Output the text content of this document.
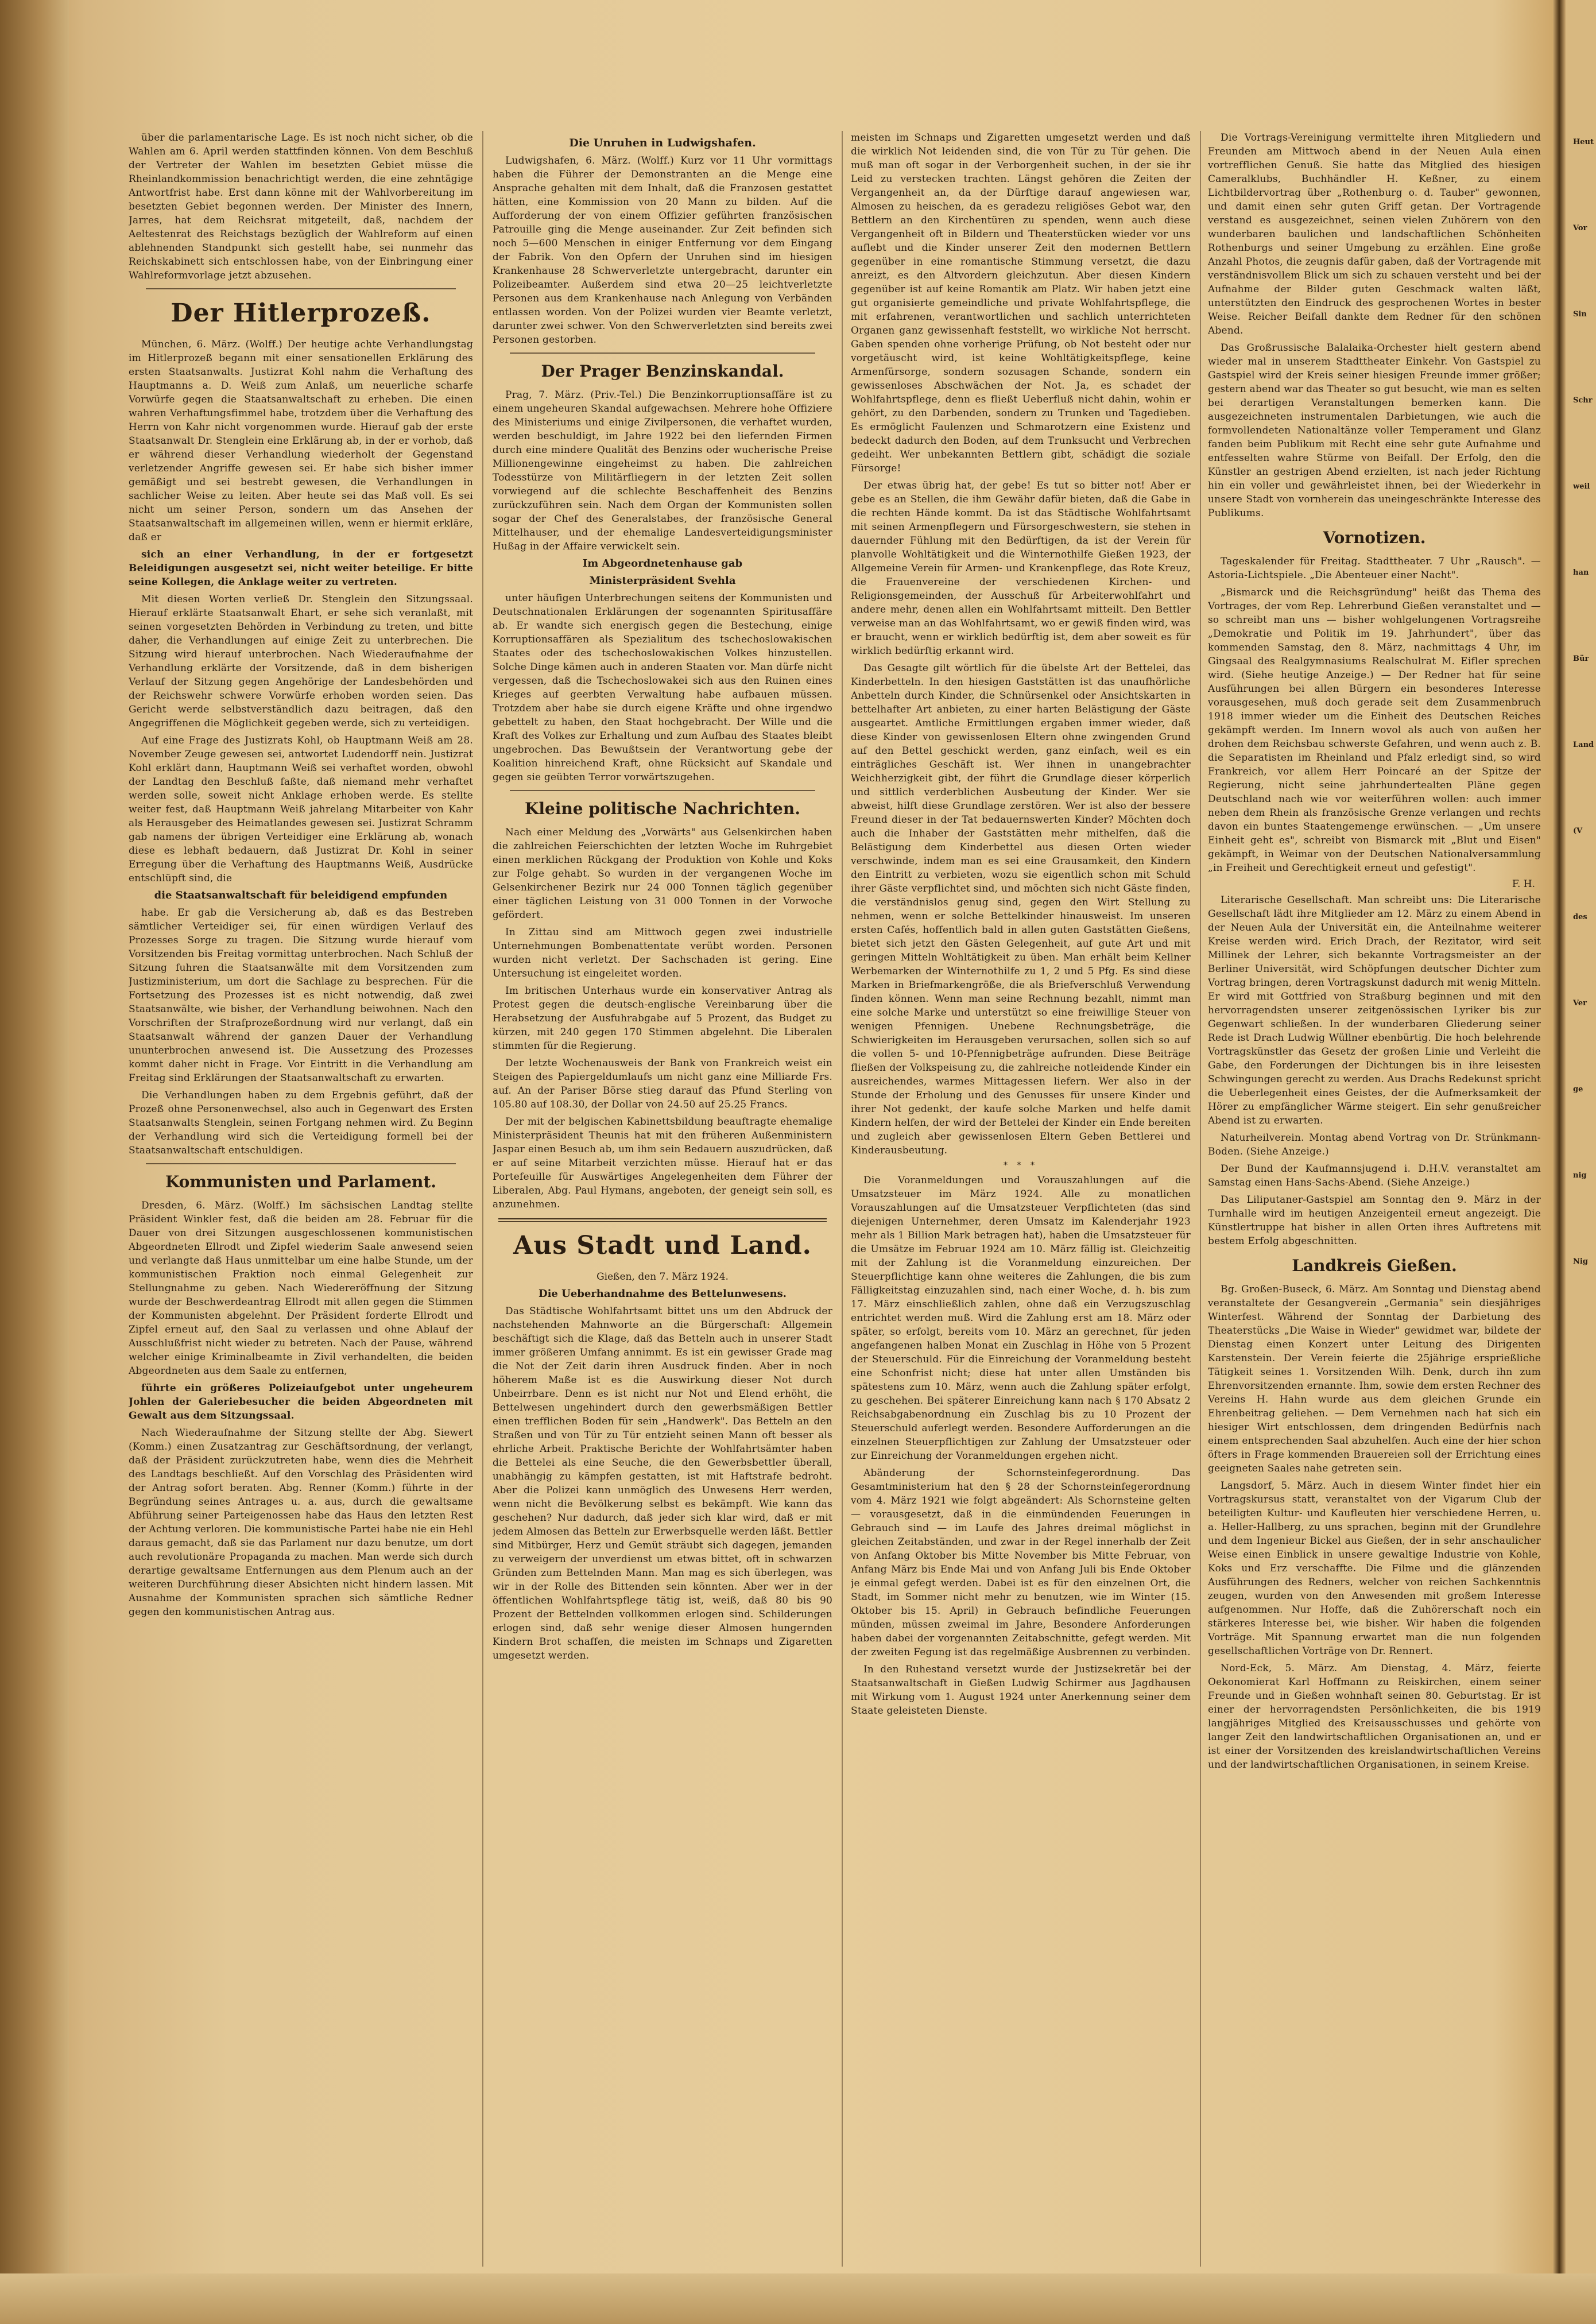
über die parlamentarische Lage. Es ist noch nicht sicher, ob die Wahlen am 6. April werden stattfinden können. Von dem Beschluß der Vertreter der Wahlen im besetzten Gebiet müsse die Rheinlandkommission benachrichtigt werden, die eine zehntägige Antwortfrist habe. Erst dann könne mit der Wahlvorbereitung im besetzten Gebiet begonnen werden. Der Minister des Innern, Jarres, hat dem Reichsrat mitgeteilt, daß, nachdem der Aeltestenrat des Reichstags bezüglich der Wahlreform auf einen ablehnenden Standpunkt sich gestellt habe, sei nunmehr das Reichskabinett sich entschlossen habe, von der Einbringung einer Wahlreformvorlage jetzt abzusehen.

Der Hitlerprozeß.

München, 6. März. (Wolff.) Der heutige achte Verhandlungstag im Hitlerprozeß begann mit einer sensationellen Erklärung des ersten Staatsanwalts. Justizrat Kohl nahm die Verhaftung des Hauptmanns a. D. Weiß zum Anlaß, um neuerliche scharfe Vorwürfe gegen die Staatsanwaltschaft zu erheben. Die einen wahren Verhaftungsfimmel habe, trotzdem über die Verhaftung des Herrn von Kahr nicht vorgenommen wurde. Hierauf gab der erste Staatsanwalt Dr. Stenglein eine Erklärung ab, in der er vorhob, daß er während dieser Verhandlung wiederholt der Gegenstand verletzender Angriffe gewesen sei. Er habe sich bisher immer gemäßigt und sei bestrebt gewesen, die Verhandlungen in sachlicher Weise zu leiten. Aber heute sei das Maß voll. Es sei nicht um seiner Person, sondern um das Ansehen der Staatsanwaltschaft im allgemeinen willen, wenn er hiermit erkläre, daß er

sich an einer Verhandlung, in der er fortgesetzt Beleidigungen ausgesetzt sei, nicht weiter beteilige. Er bitte seine Kollegen, die Anklage weiter zu vertreten.

Mit diesen Worten verließ Dr. Stenglein den Sitzungssaal. Hierauf erklärte Staatsanwalt Ehart, er sehe sich veranlaßt, mit seinen vorgesetzten Behörden in Verbindung zu treten, und bitte daher, die Verhandlungen auf einige Zeit zu unterbrechen. Die Sitzung wird hierauf unterbrochen. Nach Wiederaufnahme der Verhandlung erklärte der Vorsitzende, daß in dem bisherigen Verlauf der Sitzung gegen Angehörige der Landesbehörden und der Reichswehr schwere Vorwürfe erhoben worden seien. Das Gericht werde selbstverständlich dazu beitragen, daß den Angegriffenen die Möglichkeit gegeben werde, sich zu verteidigen.

Auf eine Frage des Justizrats Kohl, ob Hauptmann Weiß am 28. November Zeuge gewesen sei, antwortet Ludendorff nein. Justizrat Kohl erklärt dann, Hauptmann Weiß sei verhaftet worden, obwohl der Landtag den Beschluß faßte, daß niemand mehr verhaftet werden solle, soweit nicht Anklage erhoben werde. Es stellte weiter fest, daß Hauptmann Weiß jahrelang Mitarbeiter von Kahr als Herausgeber des Heimatlandes gewesen sei. Justizrat Schramm gab namens der übrigen Verteidiger eine Erklärung ab, wonach diese es lebhaft bedauern, daß Justizrat Dr. Kohl in seiner Erregung über die Verhaftung des Hauptmanns Weiß, Ausdrücke entschlüpft sind, die

die Staatsanwaltschaft für beleidigend empfunden

habe. Er gab die Versicherung ab, daß es das Bestreben sämtlicher Verteidiger sei, für einen würdigen Verlauf des Prozesses Sorge zu tragen. Die Sitzung wurde hierauf vom Vorsitzenden bis Freitag vormittag unterbrochen. Nach Schluß der Sitzung fuhren die Staatsanwälte mit dem Vorsitzenden zum Justizministerium, um dort die Sachlage zu besprechen. Für die Fortsetzung des Prozesses ist es nicht notwendig, daß zwei Staatsanwälte, wie bisher, der Verhandlung beiwohnen. Nach den Vorschriften der Strafprozeßordnung wird nur verlangt, daß ein Staatsanwalt während der ganzen Dauer der Verhandlung ununterbrochen anwesend ist. Die Aussetzung des Prozesses kommt daher nicht in Frage. Vor Eintritt in die Verhandlung am Freitag sind Erklärungen der Staatsanwaltschaft zu erwarten.

Die Verhandlungen haben zu dem Ergebnis geführt, daß der Prozeß ohne Personenwechsel, also auch in Gegenwart des Ersten Staatsanwalts Stenglein, seinen Fortgang nehmen wird. Zu Beginn der Verhandlung wird sich die Verteidigung formell bei der Staatsanwaltschaft entschuldigen.

Kommunisten und Parlament.

Dresden, 6. März. (Wolff.) Im sächsischen Landtag stellte Präsident Winkler fest, daß die beiden am 28. Februar für die Dauer von drei Sitzungen ausgeschlossenen kommunistischen Abgeordneten Ellrodt und Zipfel wiederim Saale anwesend seien und verlangte daß Haus unmittelbar um eine halbe Stunde, um der kommunistischen Fraktion noch einmal Gelegenheit zur Stellungnahme zu geben. Nach Wiedereröffnung der Sitzung wurde der Beschwerdeantrag Ellrodt mit allen gegen die Stimmen der Kommunisten abgelehnt. Der Präsident forderte Ellrodt und Zipfel erneut auf, den Saal zu verlassen und ohne Ablauf der Ausschlußfrist nicht wieder zu betreten. Nach der Pause, während welcher einige Kriminalbeamte in Zivil verhandelten, die beiden Abgeordneten aus dem Saale zu entfernen,

führte ein größeres Polizeiaufgebot unter ungeheurem Johlen der Galeriebesucher die beiden Abgeordneten mit Gewalt aus dem Sitzungssaal.

Nach Wiederaufnahme der Sitzung stellte der Abg. Siewert (Komm.) einen Zusatzantrag zur Geschäftsordnung, der verlangt, daß der Präsident zurückzutreten habe, wenn dies die Mehrheit des Landtags beschließt. Auf den Vorschlag des Präsidenten wird der Antrag sofort beraten. Abg. Renner (Komm.) führte in der Begründung seines Antrages u. a. aus, durch die gewaltsame Abführung seiner Parteigenossen habe das Haus den letzten Rest der Achtung verloren. Die kommunistische Partei habe nie ein Hehl daraus gemacht, daß sie das Parlament nur dazu benutze, um dort auch revolutionäre Propaganda zu machen. Man werde sich durch derartige gewaltsame Entfernungen aus dem Plenum auch an der weiteren Durchführung dieser Absichten nicht hindern lassen. Mit Ausnahme der Kommunisten sprachen sich sämtliche Redner gegen den kommunistischen Antrag aus.

Die Unruhen in Ludwigshafen.

Ludwigshafen, 6. März. (Wolff.) Kurz vor 11 Uhr vormittags haben die Führer der Demonstranten an die Menge eine Ansprache gehalten mit dem Inhalt, daß die Franzosen gestattet hätten, eine Kommission von 20 Mann zu bilden. Auf die Aufforderung der von einem Offizier geführten französischen Patrouille ging die Menge auseinander. Zur Zeit befinden sich noch 5—600 Menschen in einiger Entfernung vor dem Eingang der Fabrik. Von den Opfern der Unruhen sind im hiesigen Krankenhause 28 Schwerverletzte untergebracht, darunter ein Polizeibeamter. Außerdem sind etwa 20—25 leichtverletzte Personen aus dem Krankenhause nach Anlegung von Verbänden entlassen worden. Von der Polizei wurden vier Beamte verletzt, darunter zwei schwer. Von den Schwerverletzten sind bereits zwei Personen gestorben.

Der Prager Benzinskandal.

Prag, 7. März. (Priv.-Tel.) Die Benzinkorruptionsaffäre ist zu einem ungeheuren Skandal aufgewachsen. Mehrere hohe Offiziere des Ministeriums und einige Zivilpersonen, die verhaftet wurden, werden beschuldigt, im Jahre 1922 bei den liefernden Firmen durch eine mindere Qualität des Benzins oder wucherische Preise Millionengewinne eingeheimst zu haben. Die zahlreichen Todesstürze von Militärfliegern in der letzten Zeit sollen vorwiegend auf die schlechte Beschaffenheit des Benzins zurückzuführen sein. Nach dem Organ der Kommunisten sollen sogar der Chef des Generalstabes, der französische General Mittelhauser, und der ehemalige Landesverteidigungsminister Hußag in der Affaire verwickelt sein.

Im Abgeordnetenhause gab
Ministerpräsident Svehla

unter häufigen Unterbrechungen seitens der Kommunisten und Deutschnationalen Erklärungen der sogenannten Spiritusaffäre ab. Er wandte sich energisch gegen die Bestechung, einige Korruptionsaffären als Spezialitum des tschechoslowakischen Staates oder des tschechoslowakischen Volkes hinzustellen. Solche Dinge kämen auch in anderen Staaten vor. Man dürfe nicht vergessen, daß die Tschechoslowakei sich aus den Ruinen eines Krieges auf geerbten Verwaltung habe aufbauen müssen. Trotzdem aber habe sie durch eigene Kräfte und ohne irgendwo gebettelt zu haben, den Staat hochgebracht. Der Wille und die Kraft des Volkes zur Erhaltung und zum Aufbau des Staates bleibt ungebrochen. Das Bewußtsein der Verantwortung gebe der Koalition hinreichend Kraft, ohne Rücksicht auf Skandale und gegen sie geübten Terror vorwärtszugehen.

Kleine politische Nachrichten.

Nach einer Meldung des „Vorwärts" aus Gelsenkirchen haben die zahlreichen Feierschichten der letzten Woche im Ruhrgebiet einen merklichen Rückgang der Produktion von Kohle und Koks zur Folge gehabt. So wurden in der vergangenen Woche im Gelsenkirchener Bezirk nur 24 000 Tonnen täglich gegenüber einer täglichen Leistung von 31 000 Tonnen in der Vorwoche gefördert.

In Zittau sind am Mittwoch gegen zwei industrielle Unternehmungen Bombenattentate verübt worden. Personen wurden nicht verletzt. Der Sachschaden ist gering. Eine Untersuchung ist eingeleitet worden.

Im britischen Unterhaus wurde ein konservativer Antrag als Protest gegen die deutsch-englische Vereinbarung über die Herabsetzung der Ausfuhrabgabe auf 5 Prozent, das Budget zu kürzen, mit 240 gegen 170 Stimmen abgelehnt. Die Liberalen stimmten für die Regierung.

Der letzte Wochenausweis der Bank von Frankreich weist ein Steigen des Papiergeldumlaufs um nicht ganz eine Milliarde Frs. auf. An der Pariser Börse stieg darauf das Pfund Sterling von 105.80 auf 108.30, der Dollar von 24.50 auf 25.25 Francs.

Der mit der belgischen Kabinettsbildung beauftragte ehemalige Ministerpräsident Theunis hat mit den früheren Außenministern Jaspar einen Besuch ab, um ihm sein Bedauern auszudrücken, daß er auf seine Mitarbeit verzichten müsse. Hierauf hat er das Portefeuille für Auswärtiges Angelegenheiten dem Führer der Liberalen, Abg. Paul Hymans, angeboten, der geneigt sein soll, es anzunehmen.

Aus Stadt und Land.
Gießen, den 7. März 1924.
Die Ueberhandnahme des Bettelunwesens.

Das Städtische Wohlfahrtsamt bittet uns um den Abdruck der nachstehenden Mahnworte an die Bürgerschaft: Allgemein beschäftigt sich die Klage, daß das Betteln auch in unserer Stadt immer größeren Umfang annimmt. Es ist ein gewisser Grade mag die Not der Zeit darin ihren Ausdruck finden. Aber in noch höherem Maße ist es die Auswirkung dieser Not durch Unbeirrbare. Denn es ist nicht nur Not und Elend erhöht, die Bettelwesen ungehindert durch den gewerbsmäßigen Bettler einen trefflichen Boden für sein „Handwerk". Das Betteln an den Straßen und von Tür zu Tür entzieht seinen Mann oft besser als ehrliche Arbeit. Praktische Berichte der Wohlfahrtsämter haben die Bettelei als eine Seuche, die den Gewerbsbettler überall, unabhängig zu kämpfen gestatten, ist mit Haftstrafe bedroht. Aber die Polizei kann unmöglich des Unwesens Herr werden, wenn nicht die Bevölkerung selbst es bekämpft. Wie kann das geschehen? Nur dadurch, daß jeder sich klar wird, daß er mit jedem Almosen das Betteln zur Erwerbsquelle werden läßt. Bettler sind Mitbürger, Herz und Gemüt sträubt sich dagegen, jemanden zu verweigern der unverdienst um etwas bittet, oft in schwarzen Gründen zum Bettelnden Mann. Man mag es sich überlegen, was wir in der Rolle des Bittenden sein könnten. Aber wer in der öffentlichen Wohlfahrtspflege tätig ist, weiß, daß 80 bis 90 Prozent der Bettelnden vollkommen erlogen sind. Schilderungen erlogen sind, daß sehr wenige dieser Almosen hungernden Kindern Brot schaffen, die meisten im Schnaps und Zigaretten umgesetzt werden.

meisten im Schnaps und Zigaretten umgesetzt werden und daß die wirklich Not leidenden sind, die von Tür zu Tür gehen. Die muß man oft sogar in der Verborgenheit suchen, in der sie ihr Leid zu verstecken trachten. Längst gehören die Zeiten der Vergangenheit an, da der Dürftige darauf angewiesen war, Almosen zu heischen, da es geradezu religiöses Gebot war, den Bettlern an den Kirchentüren zu spenden, wenn auch diese Vergangenheit oft in Bildern und Theaterstücken wieder vor uns auflebt und die Kinder unserer Zeit den modernen Bettlern gegenüber in eine romantische Stimmung versetzt, die dazu anreizt, es den Altvordern gleichzutun. Aber diesen Kindern gegenüber ist auf keine Romantik am Platz. Wir haben jetzt eine gut organisierte gemeindliche und private Wohlfahrtspflege, die mit erfahrenen, verantwortlichen und sachlich unterrichteten Organen ganz gewissenhaft feststellt, wo wirkliche Not herrscht. Gaben spenden ohne vorherige Prüfung, ob Not besteht oder nur vorgetäuscht wird, ist keine Wohltätigkeitspflege, keine Armenfürsorge, sondern sozusagen Schande, sondern ein gewissenloses Abschwächen der Not. Ja, es schadet der Wohlfahrtspflege, denn es fließt Ueberfluß nicht dahin, wohin er gehört, zu den Darbenden, sondern zu Trunken und Tagedieben. Es ermöglicht Faulenzen und Schmarotzern eine Existenz und bedeckt dadurch den Boden, auf dem Trunksucht und Verbrechen gedeiht. Wer unbekannten Bettlern gibt, schädigt die soziale Fürsorge!

Der etwas übrig hat, der gebe! Es tut so bitter not! Aber er gebe es an Stellen, die ihm Gewähr dafür bieten, daß die Gabe in die rechten Hände kommt. Da ist das Städtische Wohlfahrtsamt mit seinen Armenpflegern und Fürsorgeschwestern, sie stehen in dauernder Fühlung mit den Bedürftigen, da ist der Verein für planvolle Wohltätigkeit und die Winternothilfe Gießen 1923, der Allgemeine Verein für Armen- und Krankenpflege, das Rote Kreuz, die Frauenvereine der verschiedenen Kirchen- und Religionsgemeinden, der Ausschuß für Arbeiterwohlfahrt und andere mehr, denen allen ein Wohlfahrtsamt mitteilt. Den Bettler verweise man an das Wohlfahrtsamt, wo er gewiß finden wird, was er braucht, wenn er wirklich bedürftig ist, dem aber soweit es für wirklich bedürftig erkannt wird.

Das Gesagte gilt wörtlich für die übelste Art der Bettelei, das Kinderbetteln. In den hiesigen Gaststätten ist das unaufhörliche Anbetteln durch Kinder, die Schnürsenkel oder Ansichtskarten in bettelhafter Art anbieten, zu einer harten Belästigung der Gäste ausgeartet. Amtliche Ermittlungen ergaben immer wieder, daß diese Kinder von gewissenlosen Eltern ohne zwingenden Grund auf den Bettel geschickt werden, ganz einfach, weil es ein einträgliches Geschäft ist. Wer ihnen in unangebrachter Weichherzigkeit gibt, der führt die Grundlage dieser körperlich und sittlich verderblichen Ausbeutung der Kinder. Wer sie abweist, hilft diese Grundlage zerstören. Wer ist also der bessere Freund dieser in der Tat bedauernswerten Kinder? Möchten doch auch die Inhaber der Gaststätten mehr mithelfen, daß die Belästigung dem Kinderbettel aus diesen Orten wieder verschwinde, indem man es sei eine Grausamkeit, den Kindern den Eintritt zu verbieten, wozu sie eigentlich schon mit Schuld ihrer Gäste verpflichtet sind, und möchten sich nicht Gäste finden, die verständnislos genug sind, gegen den Wirt Stellung zu nehmen, wenn er solche Bettelkinder hinausweist. Im unseren ersten Cafés, hoffentlich bald in allen guten Gaststätten Gießens, bietet sich jetzt den Gästen Gelegenheit, auf gute Art und mit geringen Mitteln Wohltätigkeit zu üben. Man erhält beim Kellner Werbemarken der Winternothilfe zu 1, 2 und 5 Pfg. Es sind diese Marken in Briefmarkengröße, die als Briefverschluß Verwendung finden können. Wenn man seine Rechnung bezahlt, nimmt man eine solche Marke und unterstützt so eine freiwillige Steuer von wenigen Pfennigen. Unebene Rechnungsbeträge, die Schwierigkeiten im Herausgeben verursachen, sollen sich so auf die vollen 5- und 10-Pfennigbeträge aufrunden. Diese Beiträge fließen der Volkspeisung zu, die zahlreiche notleidende Kinder ein ausreichendes, warmes Mittagessen liefern. Wer also in der Stunde der Erholung und des Genusses für unsere Kinder und ihrer Not gedenkt, der kaufe solche Marken und helfe damit Kindern helfen, der wird der Bettelei der Kinder ein Ende bereiten und zugleich aber gewissenlosen Eltern Geben Bettlerei und Kinderausbeutung.

* * *

Die Voranmeldungen und Vorauszahlungen auf die Umsatzsteuer im März 1924. Alle zu monatlichen Vorauszahlungen auf die Umsatzsteuer Verpflichteten (das sind diejenigen Unternehmer, deren Umsatz im Kalenderjahr 1923 mehr als 1 Billion Mark betragen hat), haben die Umsatzsteuer für die Umsätze im Februar 1924 am 10. März fällig ist. Gleichzeitig mit der Zahlung ist die Voranmeldung einzureichen. Der Steuerpflichtige kann ohne weiteres die Zahlungen, die bis zum Fälligkeitstag einzuzahlen sind, nach einer Woche, d. h. bis zum 17. März einschließlich zahlen, ohne daß ein Verzugszuschlag entrichtet werden muß. Wird die Zahlung erst am 18. März oder später, so erfolgt, bereits vom 10. März an gerechnet, für jeden angefangenen halben Monat ein Zuschlag in Höhe von 5 Prozent der Steuerschuld. Für die Einreichung der Voranmeldung besteht eine Schonfrist nicht; diese hat unter allen Umständen bis spätestens zum 10. März, wenn auch die Zahlung später erfolgt, zu geschehen. Bei späterer Einreichung kann nach § 170 Absatz 2 Reichsabgabenordnung ein Zuschlag bis zu 10 Prozent der Steuerschuld auferlegt werden. Besondere Aufforderungen an die einzelnen Steuerpflichtigen zur Zahlung der Umsatzsteuer oder zur Einreichung der Voranmeldungen ergehen nicht.

Abänderung der Schornsteinfegerordnung. Das Gesamtministerium hat den § 28 der Schornsteinfegerordnung vom 4. März 1921 wie folgt abgeändert: Als Schornsteine gelten — vorausgesetzt, daß in die einmündenden Feuerungen in Gebrauch sind — im Laufe des Jahres dreimal möglichst in gleichen Zeitabständen, und zwar in der Regel innerhalb der Zeit von Anfang Oktober bis Mitte November bis Mitte Februar, von Anfang März bis Ende Mai und von Anfang Juli bis Ende Oktober je einmal gefegt werden. Dabei ist es für den einzelnen Ort, die Stadt, im Sommer nicht mehr zu benutzen, wie im Winter (15. Oktober bis 15. April) in Gebrauch befindliche Feuerungen münden, müssen zweimal im Jahre, Besondere Anforderungen haben dabei der vorgenannten Zeitabschnitte, gefegt werden. Mit der zweiten Fegung ist das regelmäßige Ausbrennen zu verbinden.

In den Ruhestand versetzt wurde der Justizsekretär bei der Staatsanwaltschaft in Gießen Ludwig Schirmer aus Jagdhausen mit Wirkung vom 1. August 1924 unter Anerkennung seiner dem Staate geleisteten Dienste.

Die Vortrags-Vereinigung vermittelte ihren Mitgliedern und Freunden am Mittwoch abend in der Neuen Aula einen vortrefflichen Genuß. Sie hatte das Mitglied des hiesigen Cameralklubs, Buchhändler H. Keßner, zu einem Lichtbildervortrag über „Rothenburg o. d. Tauber" gewonnen, und damit einen sehr guten Griff getan. Der Vortragende verstand es ausgezeichnet, seinen vielen Zuhörern von den wunderbaren baulichen und landschaftlichen Schönheiten Rothenburgs und seiner Umgebung zu erzählen. Eine große Anzahl Photos, die zeugnis dafür gaben, daß der Vortragende mit verständnisvollem Blick um sich zu schauen versteht und bei der Aufnahme der Bilder guten Geschmack walten läßt, unterstützten den Eindruck des gesprochenen Wortes in bester Weise. Reicher Beifall dankte dem Redner für den schönen Abend.

Das Großrussische Balalaika-Orchester hielt gestern abend wieder mal in unserem Stadttheater Einkehr. Von Gastspiel zu Gastspiel wird der Kreis seiner hiesigen Freunde immer größer; gestern abend war das Theater so gut besucht, wie man es selten bei derartigen Veranstaltungen bemerken kann. Die ausgezeichneten instrumentalen Darbietungen, wie auch die formvollendeten Nationaltänze voller Temperament und Glanz fanden beim Publikum mit Recht eine sehr gute Aufnahme und entfesselten wahre Stürme von Beifall. Der Erfolg, den die Künstler an gestrigen Abend erzielten, ist nach jeder Richtung hin ein voller und gewährleistet ihnen, bei der Wiederkehr in unsere Stadt von vornherein das uneingeschränkte Interesse des Publikums.

Vornotizen.

Tageskalender für Freitag. Stadttheater. 7 Uhr „Rausch". — Astoria-Lichtspiele. „Die Abenteuer einer Nacht".

„Bismarck und die Reichsgründung" heißt das Thema des Vortrages, der vom Rep. Lehrerbund Gießen veranstaltet und — so schreibt man uns — bisher wohlgelungenen Vortragsreihe „Demokratie und Politik im 19. Jahrhundert", über das kommenden Samstag, den 8. März, nachmittags 4 Uhr, im Gingsaal des Realgymnasiums Realschulrat M. Eifler sprechen wird. (Siehe heutige Anzeige.) — Der Redner hat für seine Ausführungen bei allen Bürgern ein besonderes Interesse vorausgesehen, muß doch gerade seit dem Zusammenbruch 1918 immer wieder um die Einheit des Deutschen Reiches gekämpft werden. Im Innern wovol als auch von außen her drohen dem Reichsbau schwerste Gefahren, und wenn auch z. B. die Separatisten im Rheinland und Pfalz erledigt sind, so wird Frankreich, vor allem Herr Poincaré an der Spitze der Regierung, nicht seine jahrhundertealten Pläne gegen Deutschland nach wie vor weiterführen wollen: auch immer neben dem Rhein als französische Grenze verlangen und rechts davon ein buntes Staatengemenge erwünschen. — „Um unsere Einheit geht es", schreibt von Bismarck mit „Blut und Eisen" gekämpft, in Weimar von der Deutschen Nationalversammlung „in Freiheit und Gerechtigkeit erneut und gefestigt".

F. H.

Literarische Gesellschaft. Man schreibt uns: Die Literarische Gesellschaft lädt ihre Mitglieder am 12. März zu einem Abend in der Neuen Aula der Universität ein, die Anteilnahme weiterer Kreise werden wird. Erich Drach, der Rezitator, wird seit Millinek der Lehrer, sich bekannte Vortragsmeister an der Berliner Universität, wird Schöpfungen deutscher Dichter zum Vortrag bringen, deren Vortragskunst dadurch mit wenig Mitteln. Er wird mit Gottfried von Straßburg beginnen und mit den hervorragendsten unserer zeitgenössischen Lyriker bis zur Gegenwart schließen. In der wunderbaren Gliederung seiner Rede ist Drach Ludwig Wüllner ebenbürtig. Die hoch belehrende Vortragskünstler das Gesetz der großen Linie und Verleiht die Gabe, den Forderungen der Dichtungen bis in ihre leisesten Schwingungen gerecht zu werden. Aus Drachs Redekunst spricht die Ueberlegenheit eines Geistes, der die Aufmerksamkeit der Hörer zu empfänglicher Wärme steigert. Ein sehr genußreicher Abend ist zu erwarten.

Naturheilverein. Montag abend Vortrag von Dr. Strünkmann-Boden. (Siehe Anzeige.)

Der Bund der Kaufmannsjugend i. D.H.V. veranstaltet am Samstag einen Hans-Sachs-Abend. (Siehe Anzeige.)

Das Liliputaner-Gastspiel am Sonntag den 9. März in der Turnhalle wird im heutigen Anzeigenteil erneut angezeigt. Die Künstlertruppe hat bisher in allen Orten ihres Auftretens mit bestem Erfolg abgeschnitten.

Landkreis Gießen.

Bg. Großen-Buseck, 6. März. Am Sonntag und Dienstag abend veranstaltete der Gesangverein „Germania" sein diesjähriges Winterfest. Während der Sonntag der Darbietung des Theaterstücks „Die Waise in Wieder" gewidmet war, bildete der Dienstag einen Konzert unter Leitung des Dirigenten Karstenstein. Der Verein feierte die 25jährige ersprießliche Tätigkeit seines 1. Vorsitzenden Wilh. Denk, durch ihn zum Ehrenvorsitzenden ernannte. Ihm, sowie dem ersten Rechner des Vereins H. Hahn wurde aus dem gleichen Grunde ein Ehrenbeitrag geliehen. — Dem Vernehmen nach hat sich ein hiesiger Wirt entschlossen, dem dringenden Bedürfnis nach einem entsprechenden Saal abzuhelfen. Auch eine der hier schon öfters in Frage kommenden Brauereien soll der Errichtung eines geeigneten Saales nahe getreten sein.

Langsdorf, 5. März. Auch in diesem Winter findet hier ein Vortragskursus statt, veranstaltet von der Vigarum Club der beteiligten Kultur- und Kaufleuten hier verschiedene Herren, u. a. Heller-Hallberg, zu uns sprachen, beginn mit der Grundlehre und dem Ingenieur Bickel aus Gießen, der in sehr anschaulicher Weise einen Einblick in unsere gewaltige Industrie von Kohle, Koks und Erz verschaffte. Die Filme und die glänzenden Ausführungen des Redners, welcher von reichen Sachkenntnis zeugen, wurden von den Anwesenden mit großem Interesse aufgenommen. Nur Hoffe, daß die Zuhörerschaft noch ein stärkeres Interesse bei, wie bisher. Wir haben die folgenden Vorträge. Mit Spannung erwartet man die nun folgenden gesellschaftlichen Vorträge von Dr. Rennert.

Nord-Eck, 5. März. Am Dienstag, 4. März, feierte Oekonomierat Karl Hoffmann zu Reiskirchen, einem seiner Freunde und in Gießen wohnhaft seinen 80. Geburtstag. Er ist einer der hervorragendsten Persönlichkeiten, die bis 1919 langjähriges Mitglied des Kreisausschusses und gehörte von langer Zeit den landwirtschaftlichen Organisationen an, und er ist einer der Vorsitzenden des kreislandwirtschaftlichen Vereins und der landwirtschaftlichen Organisationen, in seinem Kreise.

Heut
Vor
Sin
Schr
weil
han
Bür
Land
(V
des
Ver
ge
nig
Nig
